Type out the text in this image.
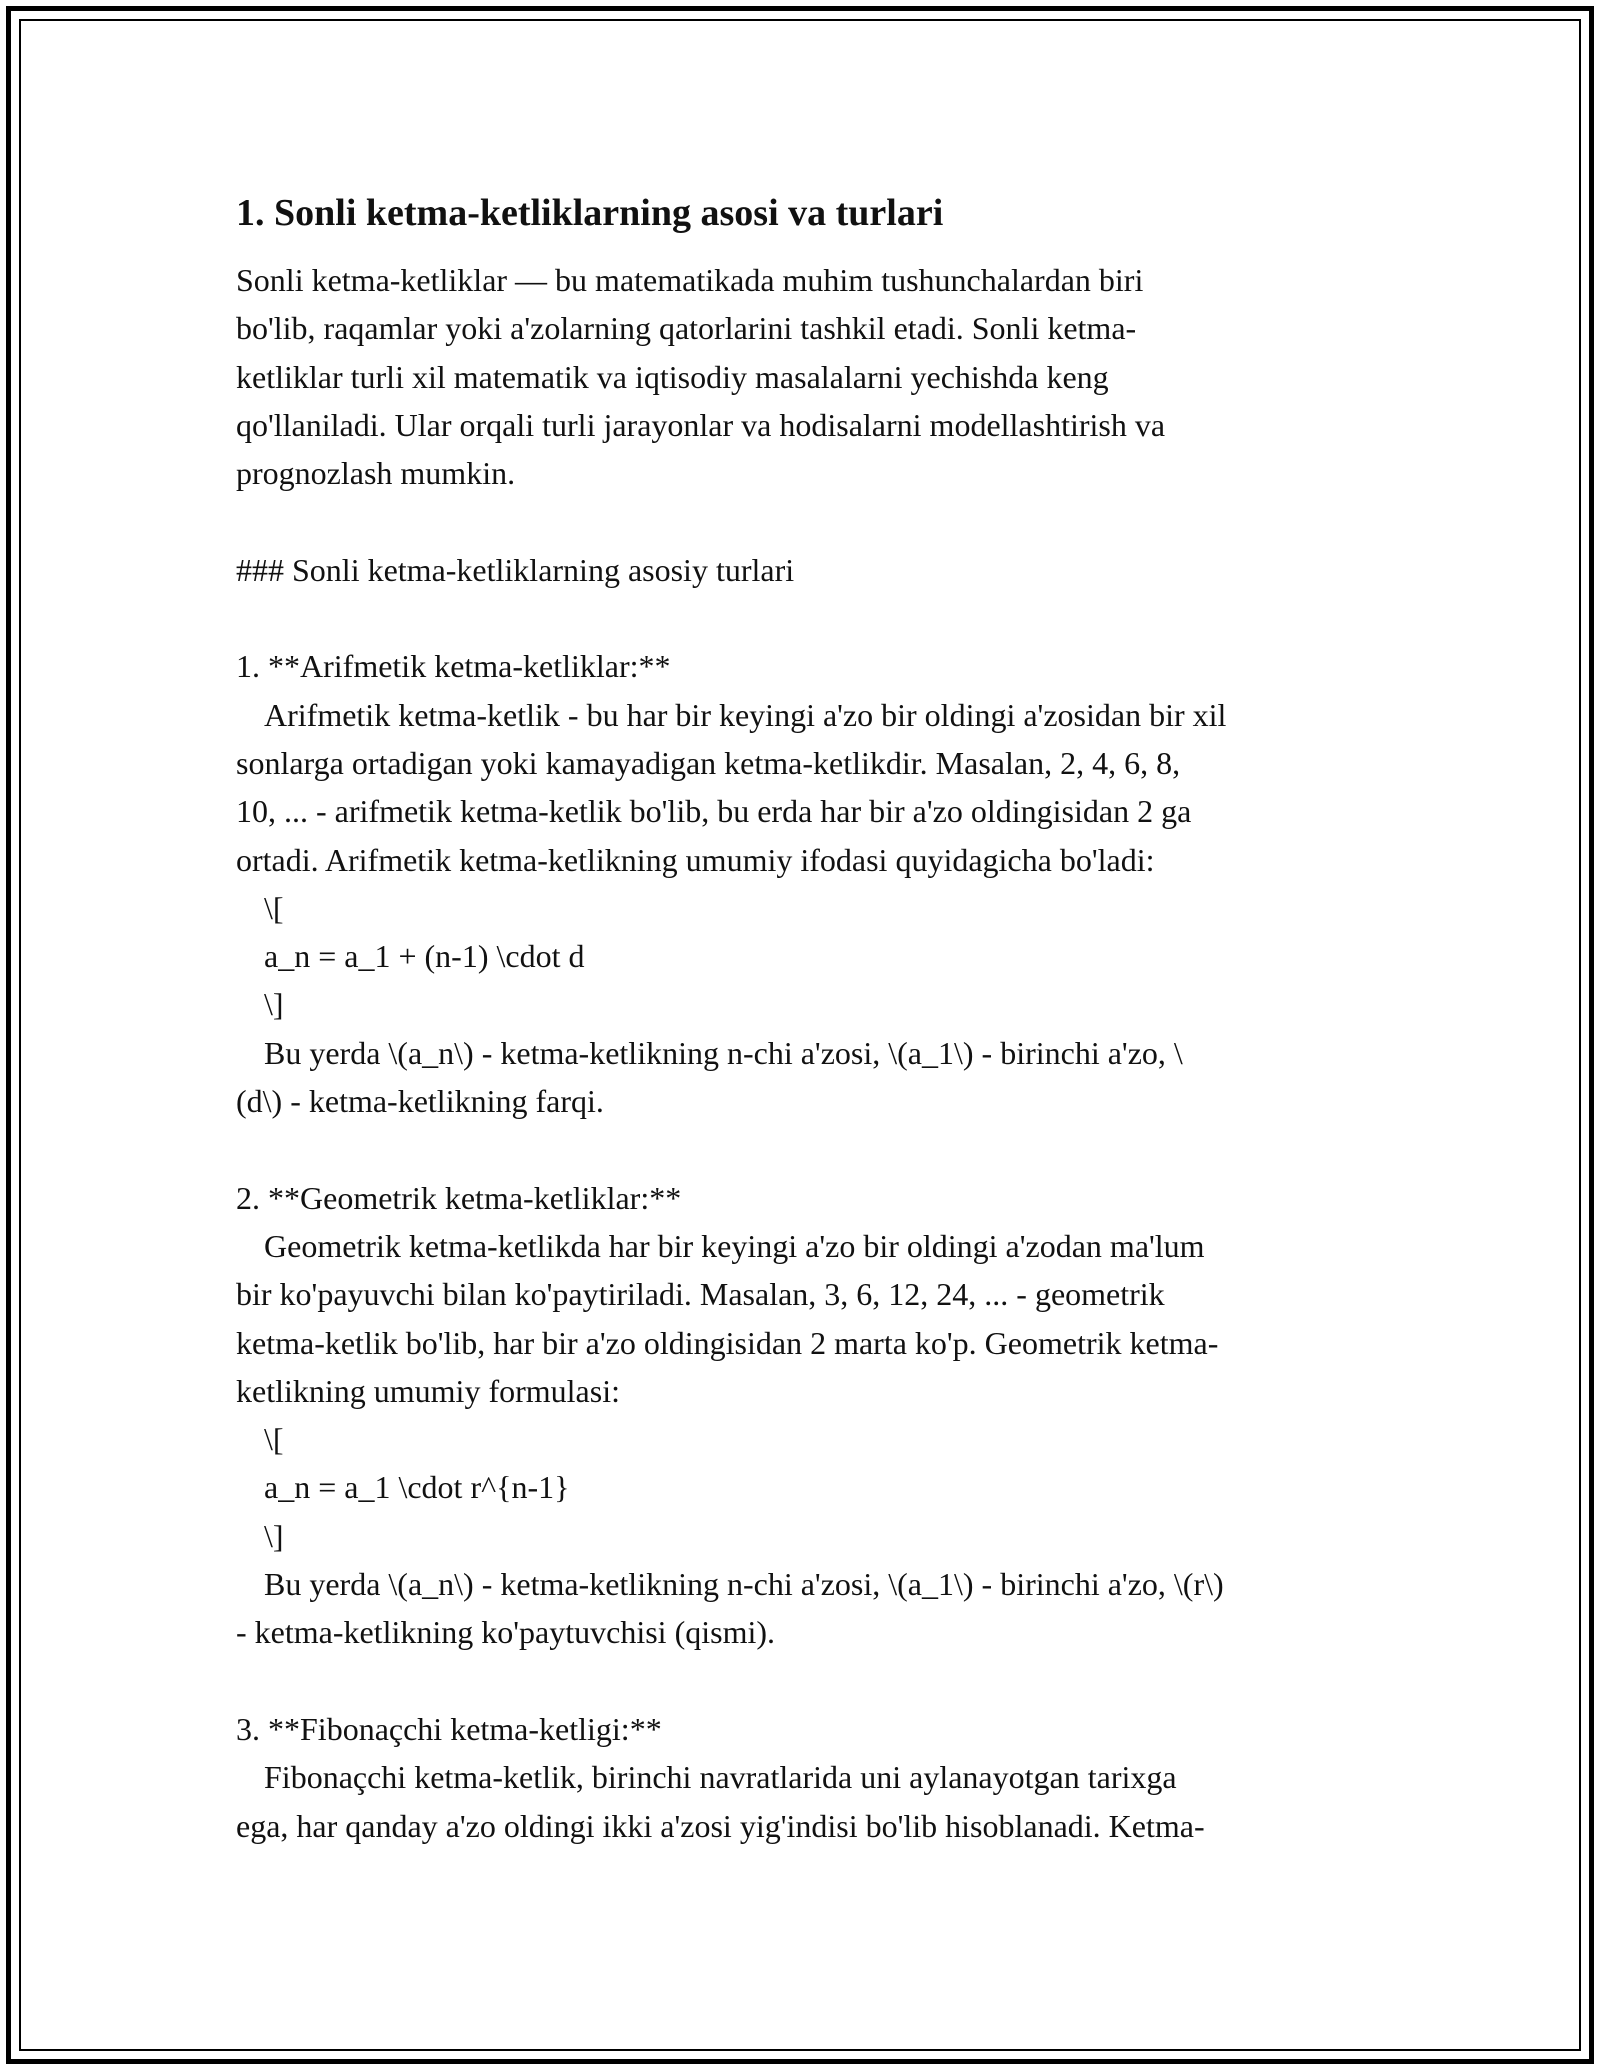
1. Sonli ketma-ketliklarning asosi va turlari

Sonli ketma-ketliklar — bu matematikada muhim tushunchalardan biri

bo'lib, raqamlar yoki a'zolarning qatorlarini tashkil etadi. Sonli ketma-

ketliklar turli xil matematik va iqtisodiy masalalarni yechishda keng

qo'llaniladi. Ular orqali turli jarayonlar va hodisalarni modellashtirish va

prognozlash mumkin.

### Sonli ketma-ketliklarning asosiy turlari

1. **Arifmetik ketma-ketliklar:**

Arifmetik ketma-ketlik - bu har bir keyingi a'zo bir oldingi a'zosidan bir xil

sonlarga ortadigan yoki kamayadigan ketma-ketlikdir. Masalan, 2, 4, 6, 8,

10, ... - arifmetik ketma-ketlik bo'lib, bu erda har bir a'zo oldingisidan 2 ga

ortadi. Arifmetik ketma-ketlikning umumiy ifodasi quyidagicha bo'ladi:

\[

a_n = a_1 + (n-1) \cdot d

\]

Bu yerda \(a_n\) - ketma-ketlikning n-chi a'zosi, \(a_1\) - birinchi a'zo, \

(d\) - ketma-ketlikning farqi.

2. **Geometrik ketma-ketliklar:**

Geometrik ketma-ketlikda har bir keyingi a'zo bir oldingi a'zodan ma'lum

bir ko'payuvchi bilan ko'paytiriladi. Masalan, 3, 6, 12, 24, ... - geometrik

ketma-ketlik bo'lib, har bir a'zo oldingisidan 2 marta ko'p. Geometrik ketma-

ketlikning umumiy formulasi:

\[

a_n = a_1 \cdot r^{n-1}

\]

Bu yerda \(a_n\) - ketma-ketlikning n-chi a'zosi, \(a_1\) - birinchi a'zo, \(r\)

- ketma-ketlikning ko'paytuvchisi (qismi).

3. **Fibonaçchi ketma-ketligi:**

Fibonaçchi ketma-ketlik, birinchi navratlarida uni aylanayotgan tarixga

ega, har qanday a'zo oldingi ikki a'zosi yig'indisi bo'lib hisoblanadi. Ketma-
